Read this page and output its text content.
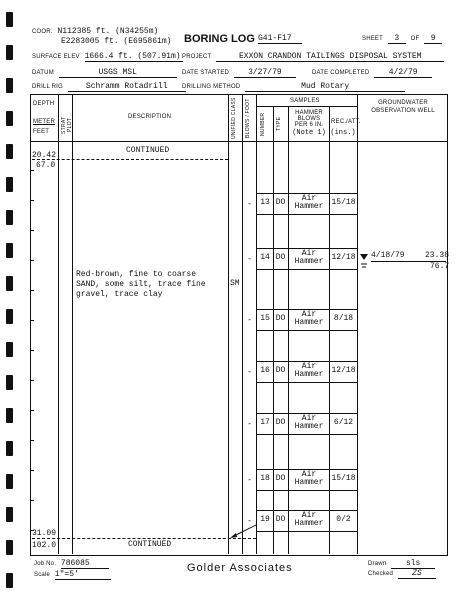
COOR. N112385 ft. (N34255m)
E2283005 ft. (E695861m) BORING LOG G41-F17	SHEET 3 OF 9
SURFACE ELEV 1666.4 ft. (507.91m) PROJECT	EXXON CRANDON TAILINGS DISPOSAL SYSTEM
DATUM	USGS MSL	DATE STARTED 3/27/79	DATE COMPLETED 4/2/79
DRILL RIG	Schramm Rotadrill	DRILLING METHOD	Mud Rotary
DEPTH
METER
FEET STRAT PLOT
DESCRIPTION	UNIFIED CLASS BLOWS / FOOT	SAMPLES
NUMBER TYPE
HAMMER BLOWS PER 6 IN.
(Note 1)
REC./ATT.
(ins.)
GROUNDWATER OBSERVATION WELL
20.42
67.0
CONTINUED
Red-brown, fine to coarse
SAND, some silt, trace fine
gravel, trace clay
SM
-	13 DO	Air
Hammer	15/18
-	14 DO	Air
Hammer	12/18
-	15 DO	Air
Hammer	8/18
-	16 DO	Air
Hammer	12/18
-	17 DO	Air
Hammer	6/12
-	18 DO	Air
Hammer	15/18
-	19 DO	Air
Hammer	0/2
4/18/79	23.38
76.7
31.09
102.0	CONTINUED
Job No. 786085
Scale 1"=5'
Golder Associates	Drawn sls
Checked ZS
